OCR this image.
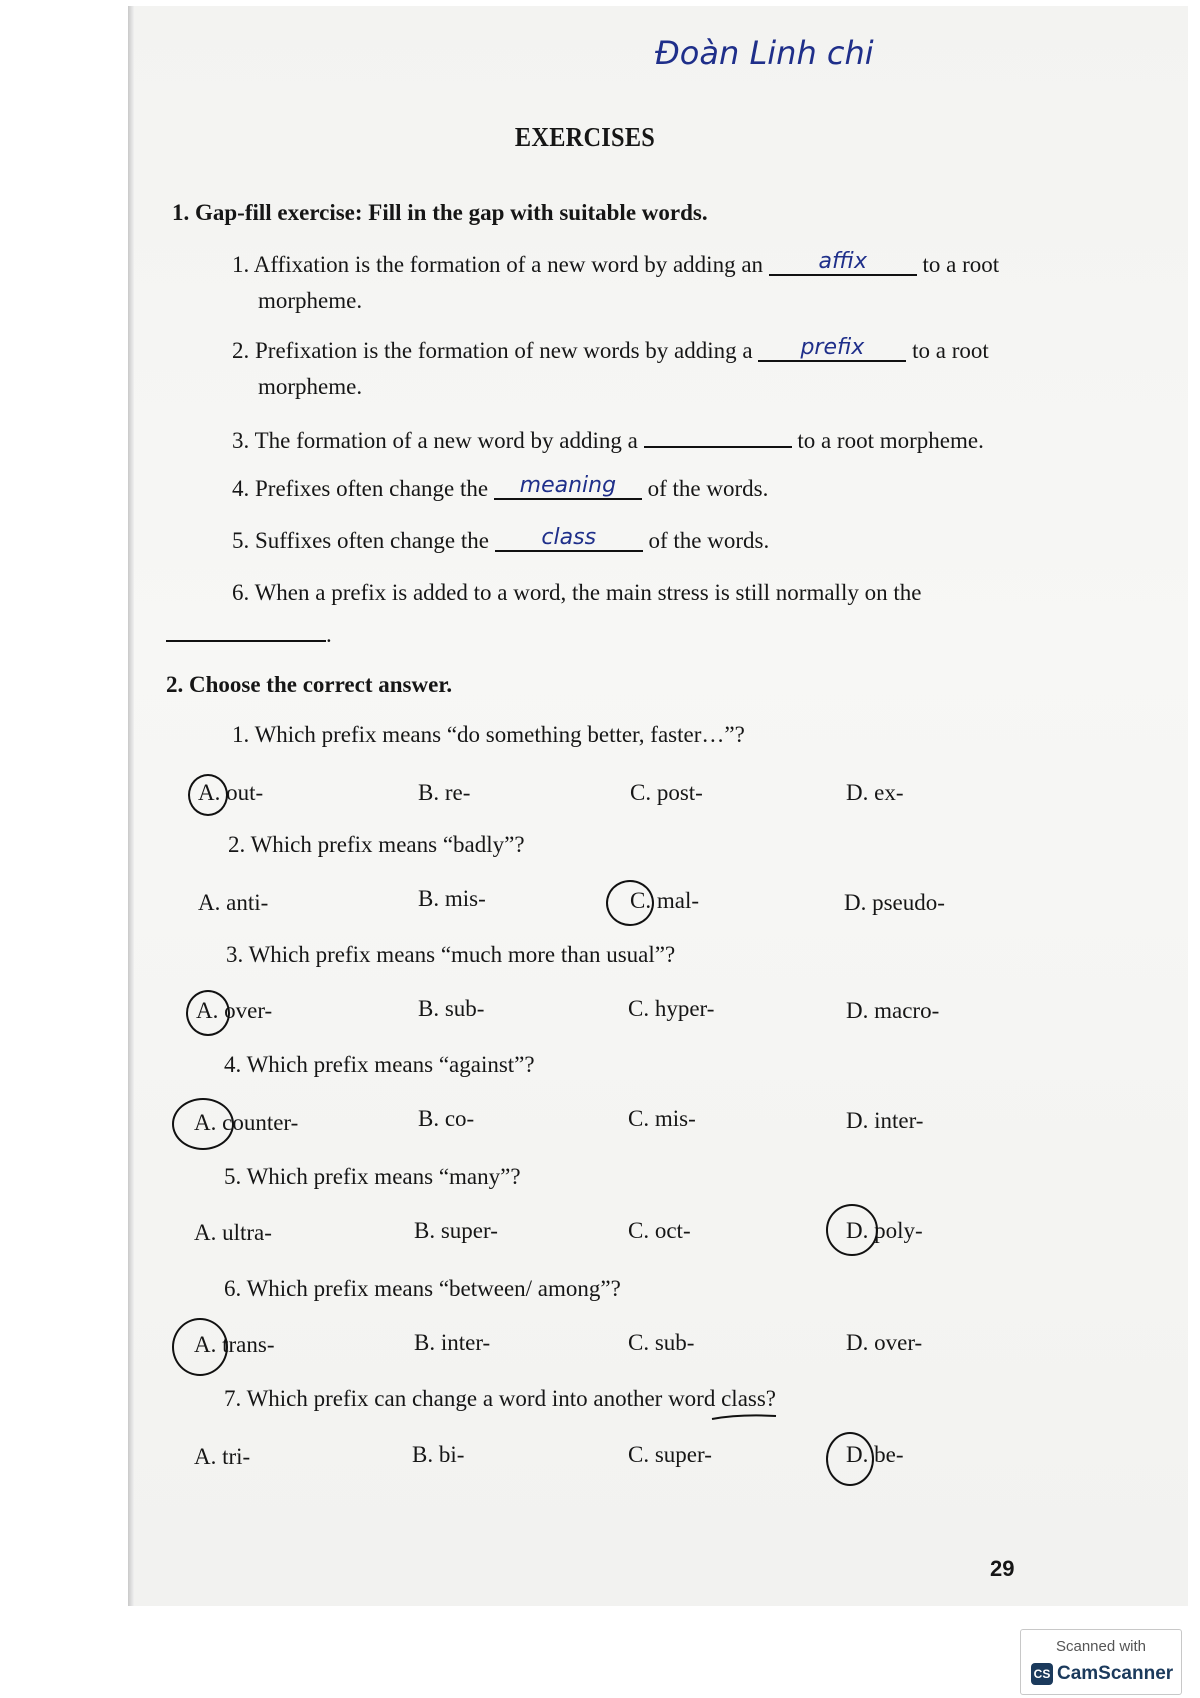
Đoàn Linh chi
EXERCISES
1. Gap-fill exercise: Fill in the gap with suitable words.
1. Affixation is the formation of a new word by adding an	affix to a root
morpheme.
2. Prefixation is the formation of new words by adding a prefix to a root
morpheme.
3. The formation of a new word by adding a	to a root morpheme.
4. Prefixes often change the meaning of the words.
5. Suffixes often change the class of the words.
6. When a prefix is added to a word, the main stress is still normally on the
.
2. Choose the correct answer.
1. Which prefix means “do something better, faster…”?
A. out-	B. re-	C. post-	D. ex-
2. Which prefix means “badly”?
A. anti-	B. mis-	C. mal-	D. pseudo-
3. Which prefix means “much more than usual”?
A. over-	B. sub-	C. hyper-	D. macro-
4. Which prefix means “against”?
A. counter-	B. co-	C. mis-	D. inter-
5. Which prefix means “many”?
A. ultra-	B. super-	C. oct-	D. poly-
6. Which prefix means “between/ among”?
A. trans-	B. inter-	C. sub-	D. over-
7. Which prefix can change a word into another word class?
A. tri-	B. bi-	C. super-	D. be-
29
Scanned with
CS CamScanner
